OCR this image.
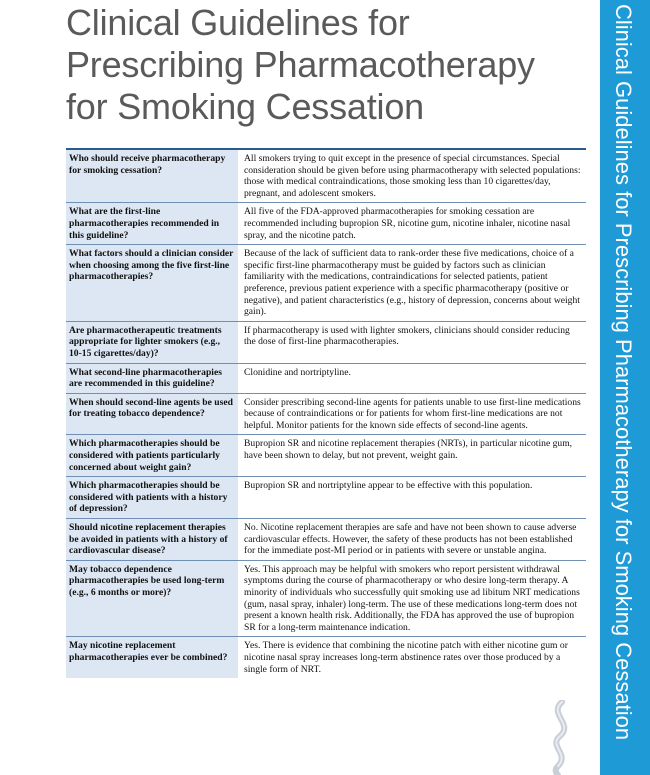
Clinical Guidelines for Prescribing Pharmacotherapy for Smoking Cessation	Clinical Guidelines for Prescribing Pharmacotherapy for Smoking Cessation
Who should receive pharmacotherapy for smoking cessation?	All smokers trying to quit except in the presence of special circumstances. Special consideration should be given before using pharmacotherapy with selected populations: those with medical contraindications, those smoking less than 10 cigarettes/day, pregnant, and adolescent smokers.
What are the first-line pharmacotherapies recommended in this guideline?	All five of the FDA-approved pharmacotherapies for smoking cessation are recommended including bupropion SR, nicotine gum, nicotine inhaler, nicotine nasal spray, and the nicotine patch.
What factors should a clinician consider when choosing among the five first-line pharmacotherapies?	Because of the lack of sufficient data to rank-order these five medications, choice of a specific first-line pharmacotherapy must be guided by factors such as clinician familiarity with the medications, contraindications for selected patients, patient preference, previous patient experience with a specific pharmacotherapy (positive or negative), and patient characteristics (e.g., history of depression, concerns about weight gain).
Are pharmacotherapeutic treatments appropriate for lighter smokers (e.g., 10-15 cigarettes/day)?	If pharmacotherapy is used with lighter smokers, clinicians should consider reducing the dose of first-line pharmacotherapies.
What second-line pharmacotherapies are recommended in this guideline?	Clonidine and nortriptyline.
When should second-line agents be used for treating tobacco dependence?	Consider prescribing second-line agents for patients unable to use first-line medications because of contraindications or for patients for whom first-line medications are not helpful. Monitor patients for the known side effects of second-line agents.
Which pharmacotherapies should be considered with patients particularly concerned about weight gain?	Bupropion SR and nicotine replacement therapies (NRTs), in particular nicotine gum, have been shown to delay, but not prevent, weight gain.
Which pharmacotherapies should be considered with patients with a history of depression?	Bupropion SR and nortriptyline appear to be effective with this population.
Should nicotine replacement therapies be avoided in patients with a history of cardiovascular disease?	No. Nicotine replacement therapies are safe and have not been shown to cause adverse cardiovascular effects. However, the safety of these products has not been established for the immediate post-MI period or in patients with severe or unstable angina.
May tobacco dependence pharmacotherapies be used long-term (e.g., 6 months or more)?	Yes. This approach may be helpful with smokers who report persistent withdrawal symptoms during the course of pharmacotherapy or who desire long-term therapy. A minority of individuals who successfully quit smoking use ad libitum NRT medications (gum, nasal spray, inhaler) long-term. The use of these medications long-term does not present a known health risk. Additionally, the FDA has approved the use of bupropion SR for a long-term maintenance indication.
May nicotine replacement pharmacotherapies ever be combined?	Yes. There is evidence that combining the nicotine patch with either nicotine gum or nicotine nasal spray increases long-term abstinence rates over those produced by a single form of NRT.
